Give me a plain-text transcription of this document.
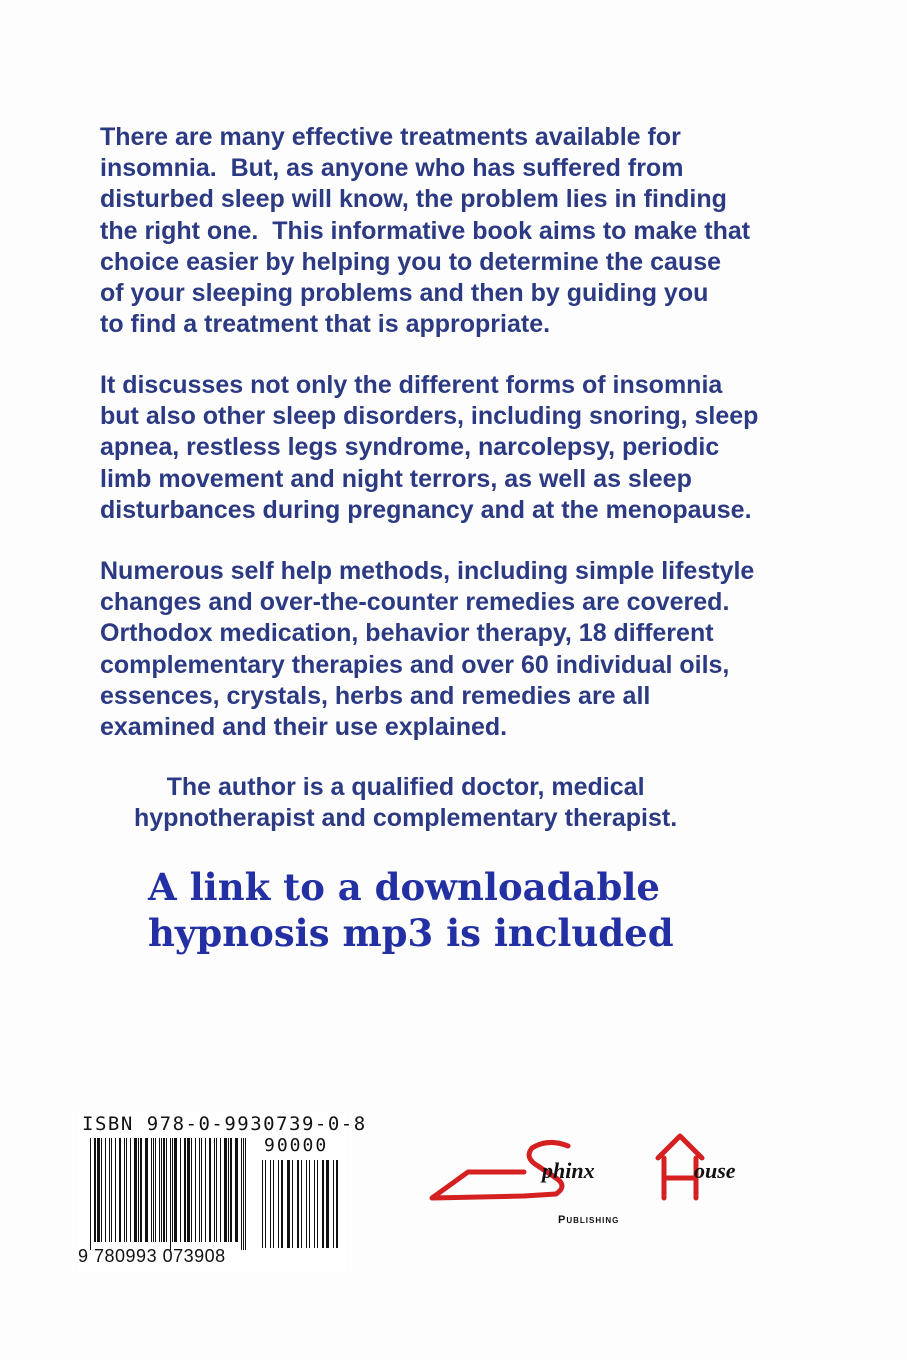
There are many effective treatments available for
insomnia.  But, as anyone who has suffered from
disturbed sleep will know, the problem lies in finding
the right one.  This informative book aims to make that
choice easier by helping you to determine the cause
of your sleeping problems and then by guiding you
to find a treatment that is appropriate.

It discusses not only the different forms of insomnia
but also other sleep disorders, including snoring, sleep
apnea, restless legs syndrome, narcolepsy, periodic
limb movement and night terrors, as well as sleep
disturbances during pregnancy and at the menopause.

Numerous self help methods, including simple lifestyle
changes and over-the-counter remedies are covered.
Orthodox medication, behavior therapy, 18 different
complementary therapies and over 60 individual oils,
essences, crystals, herbs and remedies are all
examined and their use explained.

The author is a qualified doctor, medical
hypnotherapist and complementary therapist.

A link to a downloadable
hypnosis mp3 is included

ISBN 978-0-9930739-0-8
90000
9 780993 073908
phinx	ouse
Publishing
